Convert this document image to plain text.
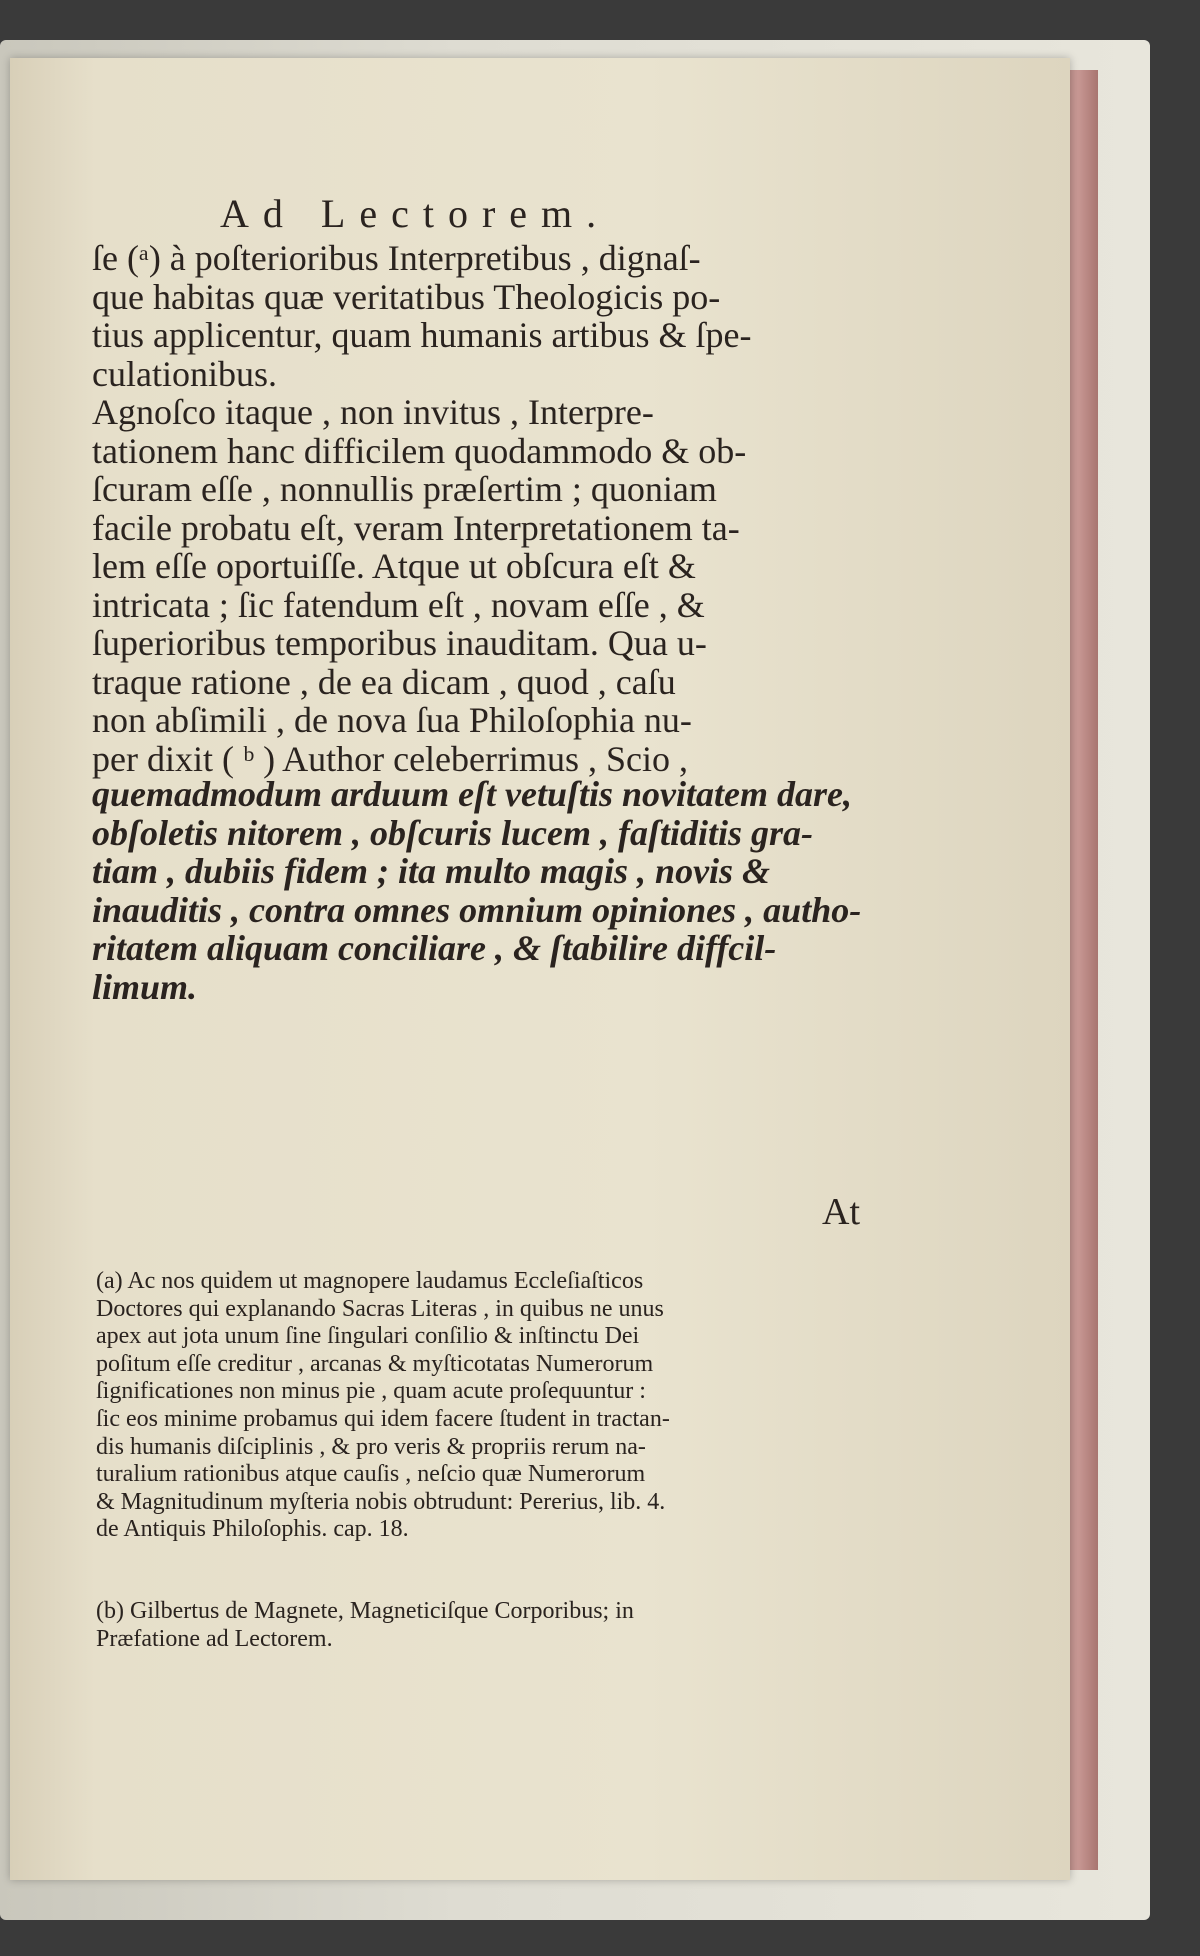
Ad Lectorem.
ſe (ᵃ) à poſterioribus Interpretibus , dignaſ-
que habitas quæ veritatibus Theologicis po-
tius applicentur, quam humanis artibus & ſpe-
culationibus.
Agnoſco itaque , non invitus , Interpre-
tationem hanc difficilem quodammodo & ob-
ſcuram eſſe , nonnullis præſertim ; quoniam
facile probatu eſt, veram Interpretationem ta-
lem eſſe oportuiſſe. Atque ut obſcura eſt &
intricata ; ſic fatendum eſt , novam eſſe , &
ſuperioribus temporibus inauditam. Qua u-
traque ratione , de ea dicam , quod , caſu
non abſimili , de nova ſua Philoſophia nu-
per dixit ( ᵇ ) Author celeberrimus , Scio ,
quemadmodum arduum eſt vetuſtis novitatem dare,
obſoletis nitorem , obſcuris lucem , faſtiditis gra-
tiam , dubiis fidem ; ita multo magis , novis &
inauditis , contra omnes omnium opiniones , autho-
ritatem aliquam conciliare , & ſtabilire diffcil-
limum.
At
(a) Ac nos quidem ut magnopere laudamus Eccleſiaſticos
Doctores qui explanando Sacras Literas , in quibus ne unus
apex aut jota unum ſine ſingulari conſilio & inſtinctu Dei
poſitum eſſe creditur , arcanas & myſticotatas Numerorum
ſignificationes non minus pie , quam acute proſequuntur :
ſic eos minime probamus qui idem facere ſtudent in tractan-
dis humanis diſciplinis , & pro veris & propriis rerum na-
turalium rationibus atque cauſis , neſcio quæ Numerorum
& Magnitudinum myſteria nobis obtrudunt: Pererius, lib. 4.
de Antiquis Philoſophis. cap. 18.
(b) Gilbertus de Magnete, Magneticiſque Corporibus; in
Præfatione ad Lectorem.
